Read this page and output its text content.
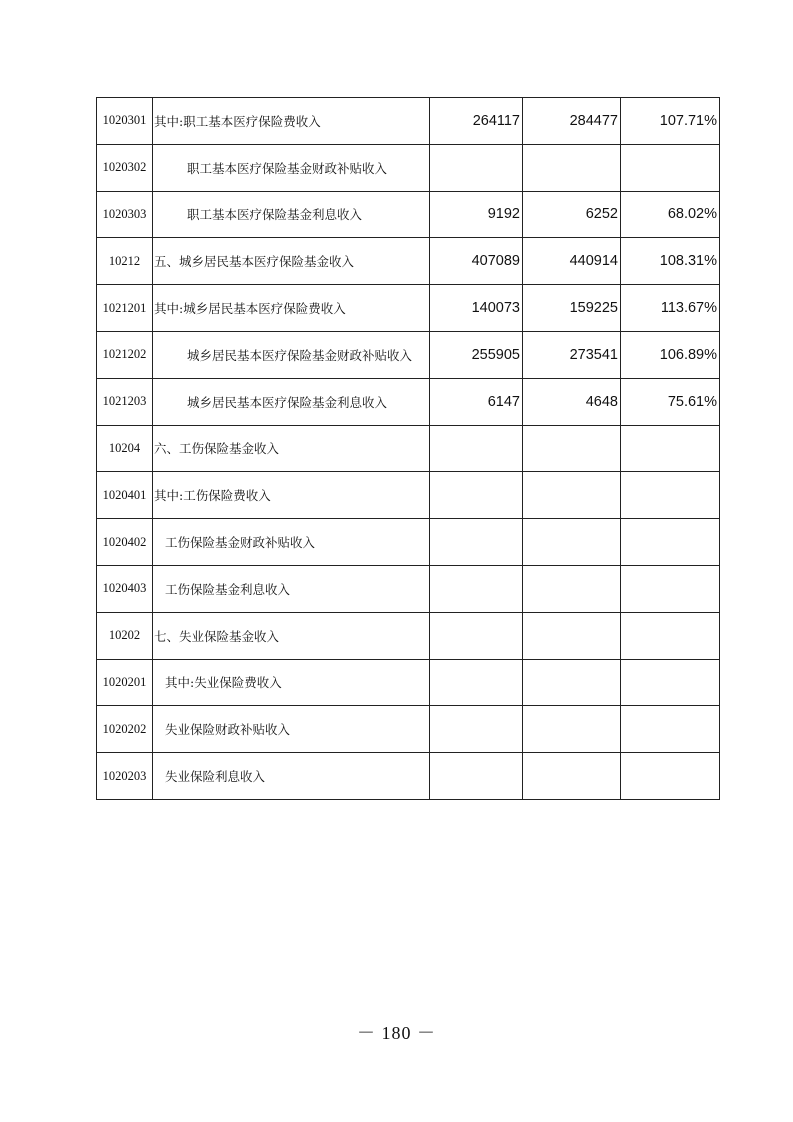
1020301	其中:职工基本医疗保险费收入	264117	284477	107.71%
1020302	职工基本医疗保险基金财政补贴收入			
1020303	职工基本医疗保险基金利息收入	9192	6252	68.02%
10212	五、城乡居民基本医疗保险基金收入	407089	440914	108.31%
1021201	其中:城乡居民基本医疗保险费收入	140073	159225	113.67%
1021202	城乡居民基本医疗保险基金财政补贴收入	255905	273541	106.89%
1021203	城乡居民基本医疗保险基金利息收入	6147	4648	75.61%
10204	六、工伤保险基金收入			
1020401	其中:工伤保险费收入			
1020402	工伤保险基金财政补贴收入			
1020403	工伤保险基金利息收入			
10202	七、失业保险基金收入			
1020201	其中:失业保险费收入			
1020202	失业保险财政补贴收入			
1020203	失业保险利息收入			
－ 180 －
